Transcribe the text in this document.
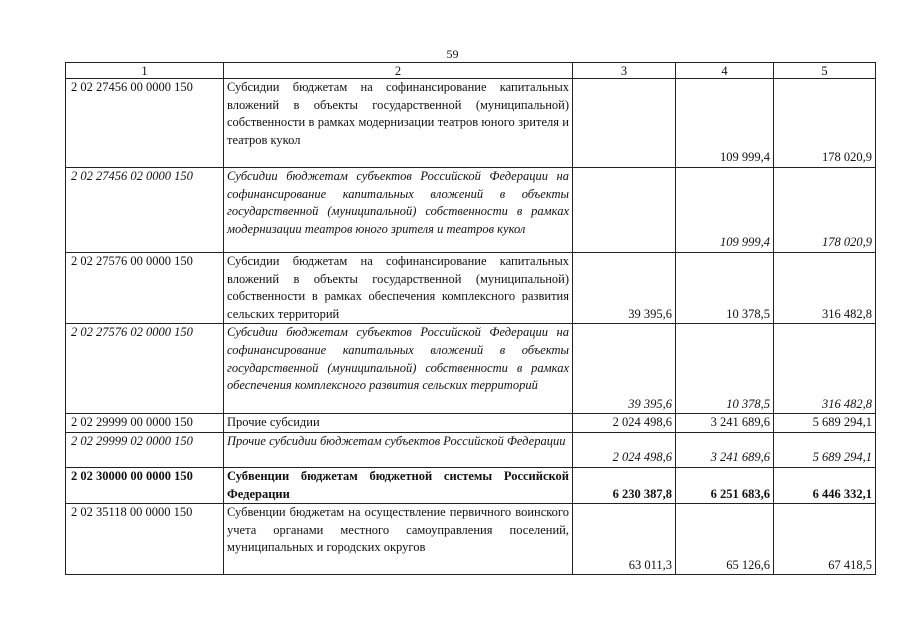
59
1	2	3	4	5
2 02 27456 00 0000 150	Субсидии бюджетам на софинансирование капитальных вложений в объекты государственной (муниципальной) собственности в рамках модернизации театров юного зрителя и театров кукол		109 999,4	178 020,9
2 02 27456 02 0000 150	Субсидии бюджетам субъектов Российской Федерации на софинансирование капитальных вложений в объекты государственной (муниципальной) собственности в рамках модернизации театров юного зрителя и театров кукол		109 999,4	178 020,9
2 02 27576 00 0000 150	Субсидии бюджетам на софинансирование капитальных вложений в объекты государственной (муниципальной) собственности в рамках обеспечения комплексного развития сельских территорий	39 395,6	10 378,5	316 482,8
2 02 27576 02 0000 150	Субсидии бюджетам субъектов Российской Федерации на софинансирование капитальных вложений в объекты государственной (муниципальной) собственности в рамках обеспечения комплексного развития сельских территорий	39 395,6	10 378,5	316 482,8
2 02 29999 00 0000 150	Прочие субсидии	2 024 498,6	3 241 689,6	5 689 294,1
2 02 29999 02 0000 150	Прочие субсидии бюджетам субъектов Российской Федерации	2 024 498,6	3 241 689,6	5 689 294,1
2 02 30000 00 0000 150	Субвенции бюджетам бюджетной системы Российской Федерации	6 230 387,8	6 251 683,6	6 446 332,1
2 02 35118 00 0000 150	Субвенции бюджетам на осуществление первичного воинского учета органами местного самоуправления поселений, муниципальных и городских округов	63 011,3	65 126,6	67 418,5
